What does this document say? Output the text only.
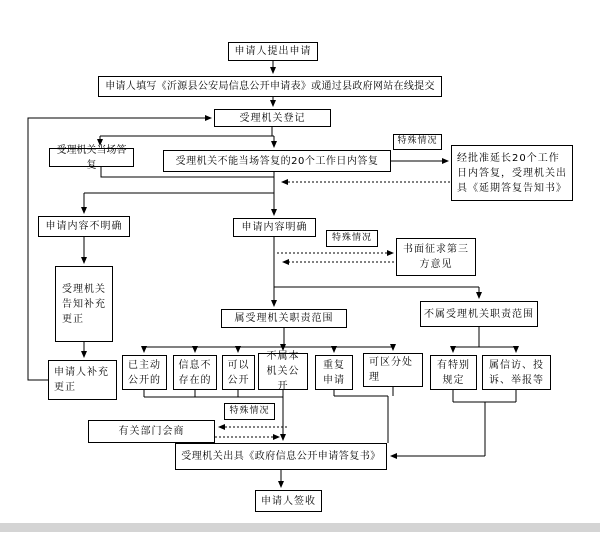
申请人提出申请
申请人填写《沂源县公安局信息公开申请表》或通过县政府网站在线提交
受理机关登记
特殊情况
受理机关当场答复	受理机关不能当场答复的20个工作日内答复	经批准延长20个工作日内答复，受理机关出具《延期答复告知书》
申请内容不明确	申请内容明确
特殊情况
书面征求第三方意见
受理机关告知补充更正
申请人补充更正
属受理机关职责范围	不属受理机关职责范围
已主动公开的
信息不存在的
可以公开
不属本机关公开
重复申请
可区分处理
有特别规定
属信访、投诉、举报等
特殊情况
有关部门会商
受理机关出具《政府信息公开申请答复书》
申请人签收
